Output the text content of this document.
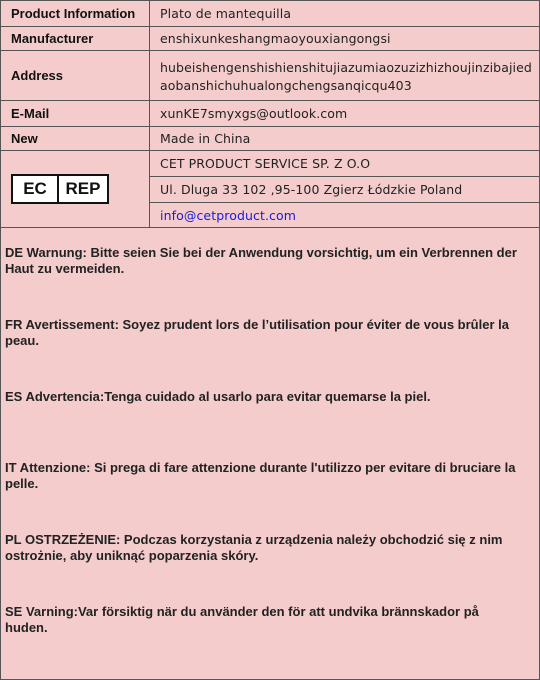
Product Information	Plato de mantequilla
Manufacturer	enshixunkeshangmaoyouxiangongsi
Address	hubeishengenshishienshitujiazumiaozuzizhizhoujinzibajiedaobanshichuhualongchengsanqicqu403
E-Mail	xunKE7smyxgs@outlook.com
New	Made in China

EC REP	CET PRODUCT SERVICE SP. Z O.O
	Ul. Dluga 33 102 ,95-100 Zgierz Łódzkie Poland
	info@cetproduct.com
DE Warnung: Bitte seien Sie bei der Anwendung vorsichtig, um ein Verbrennen der Haut zu vermeiden.
FR Avertissement: Soyez prudent lors de l’utilisation pour éviter de vous brûler la peau.
ES Advertencia:Tenga cuidado al usarlo para evitar quemarse la piel.
IT Attenzione: Si prega di fare attenzione durante l'utilizzo per evitare di bruciare la pelle.
PL OSTRZEŻENIE: Podczas korzystania z urządzenia należy obchodzić się z nim ostrożnie, aby uniknąć poparzenia skóry.
SE Varning:Var försiktig när du använder den för att undvika brännskador på huden.
